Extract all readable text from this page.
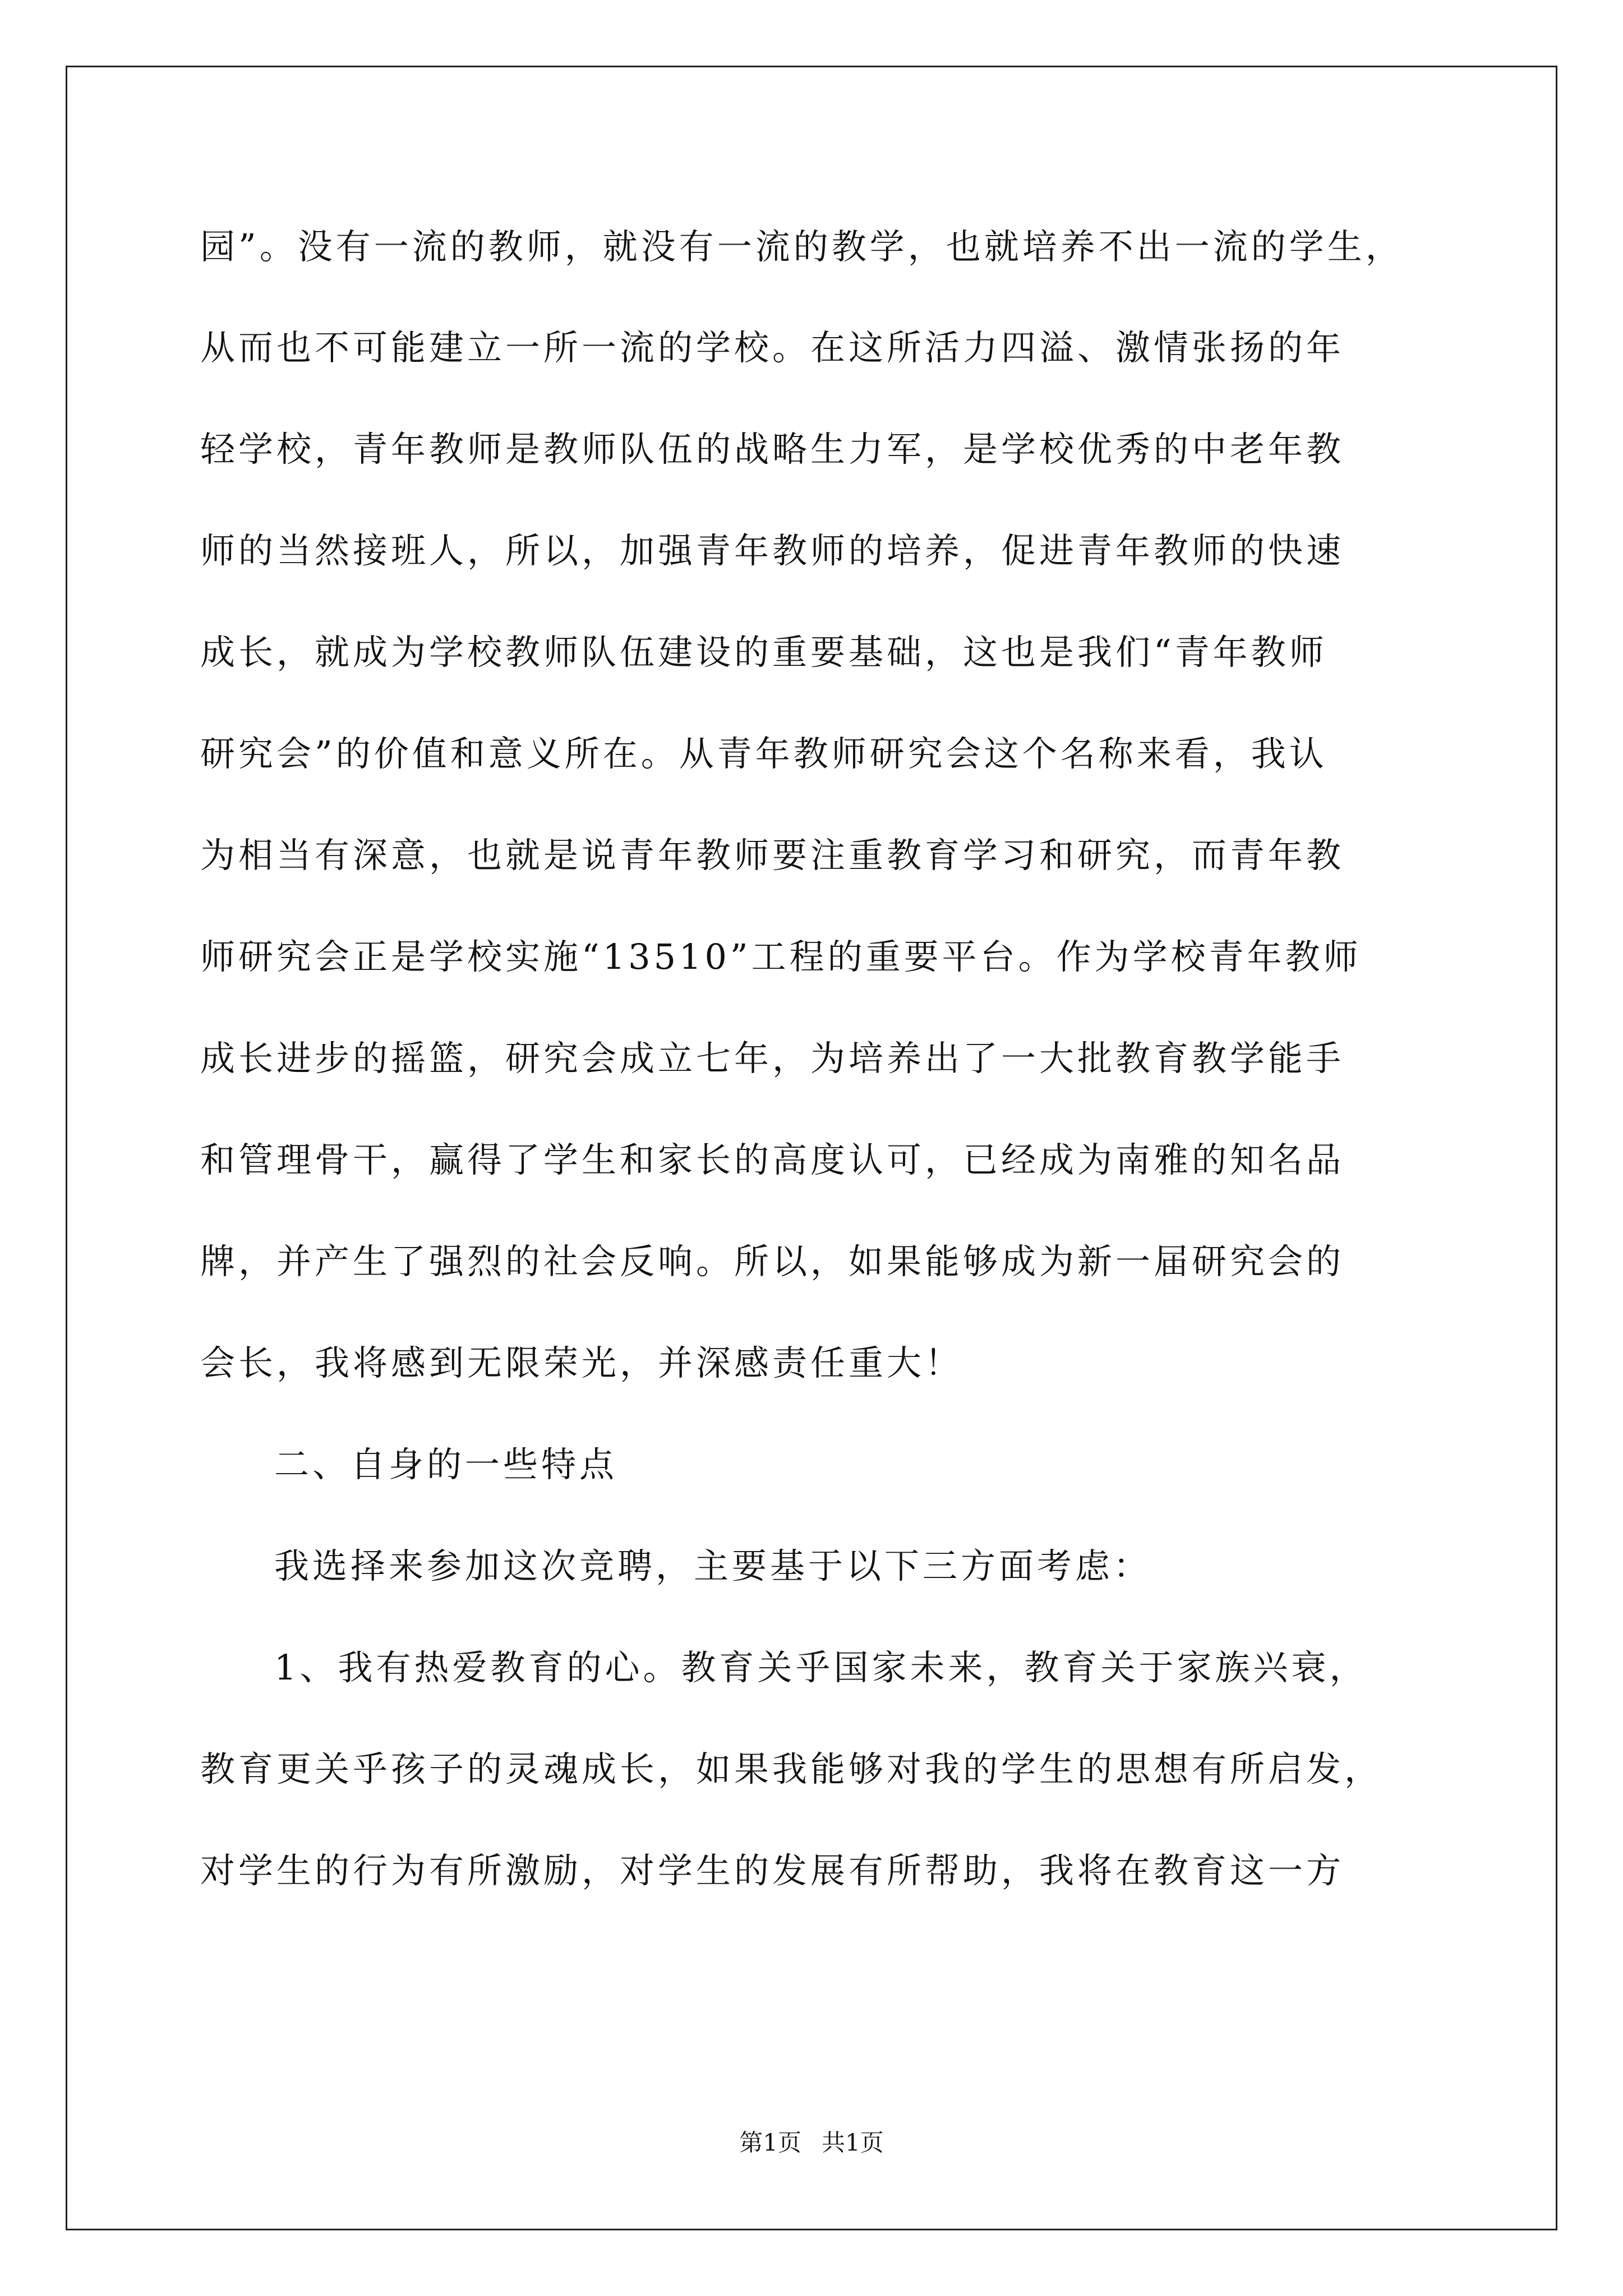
园”。没有一流的教师，就没有一流的教学，也就培养不出一流的学生，
从而也不可能建立一所一流的学校。在这所活力四溢、激情张扬的年
轻学校，青年教师是教师队伍的战略生力军，是学校优秀的中老年教
师的当然接班人，所以，加强青年教师的培养，促进青年教师的快速
成长，就成为学校教师队伍建设的重要基础，这也是我们“青年教师
研究会”的价值和意义所在。从青年教师研究会这个名称来看，我认
为相当有深意，也就是说青年教师要注重教育学习和研究，而青年教
师研究会正是学校实施“13510”工程的重要平台。作为学校青年教师
成长进步的摇篮，研究会成立七年，为培养出了一大批教育教学能手
和管理骨干，赢得了学生和家长的高度认可，已经成为南雅的知名品
牌，并产生了强烈的社会反响。所以，如果能够成为新一届研究会的
会长，我将感到无限荣光，并深感责任重大！
二、自身的一些特点
我选择来参加这次竞聘，主要基于以下三方面考虑：
1、我有热爱教育的心。教育关乎国家未来，教育关于家族兴衰，
教育更关乎孩子的灵魂成长，如果我能够对我的学生的思想有所启发，
对学生的行为有所激励，对学生的发展有所帮助，我将在教育这一方
第1页 共1页
